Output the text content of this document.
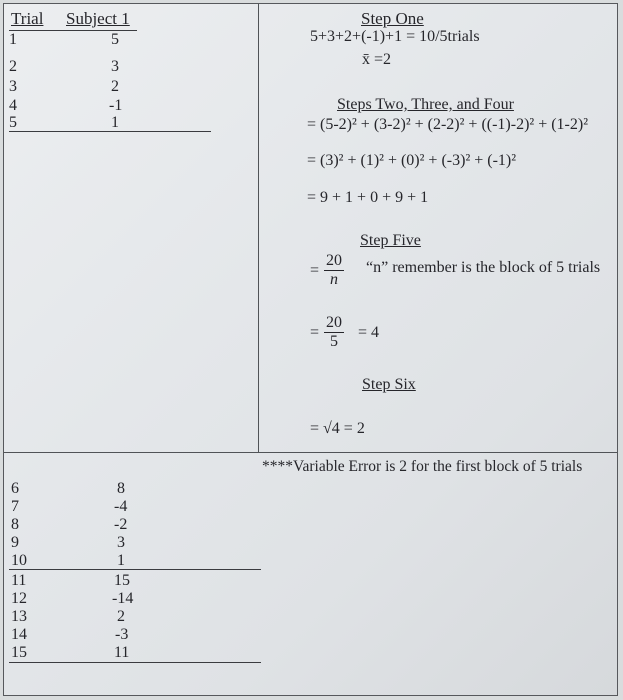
Trial Subject 1
1	5
2	3
3	2
4	-1
5	1
6	8
7	-4
8	-2
9	3
10	1
11	15
12	-14
13	2
14	-3
15	11
Step One
5+3+2+(-1)+1 = 10/5trials
x̄ =2
Steps Two, Three, and Four
= (5-2)² + (3-2)² + (2-2)² + ((-1)-2)² + (1-2)²
= (3)² + (1)² + (0)² + (-3)² + (-1)²
= 9 + 1 + 0 + 9 + 1
Step Five
= $\frac{20}{n}$ “n” remember is the block of 5 trials
= $\frac{20}{5} = 4$
Step Six
= √4 = 2
****Variable Error is 2 for the first block of 5 trials
